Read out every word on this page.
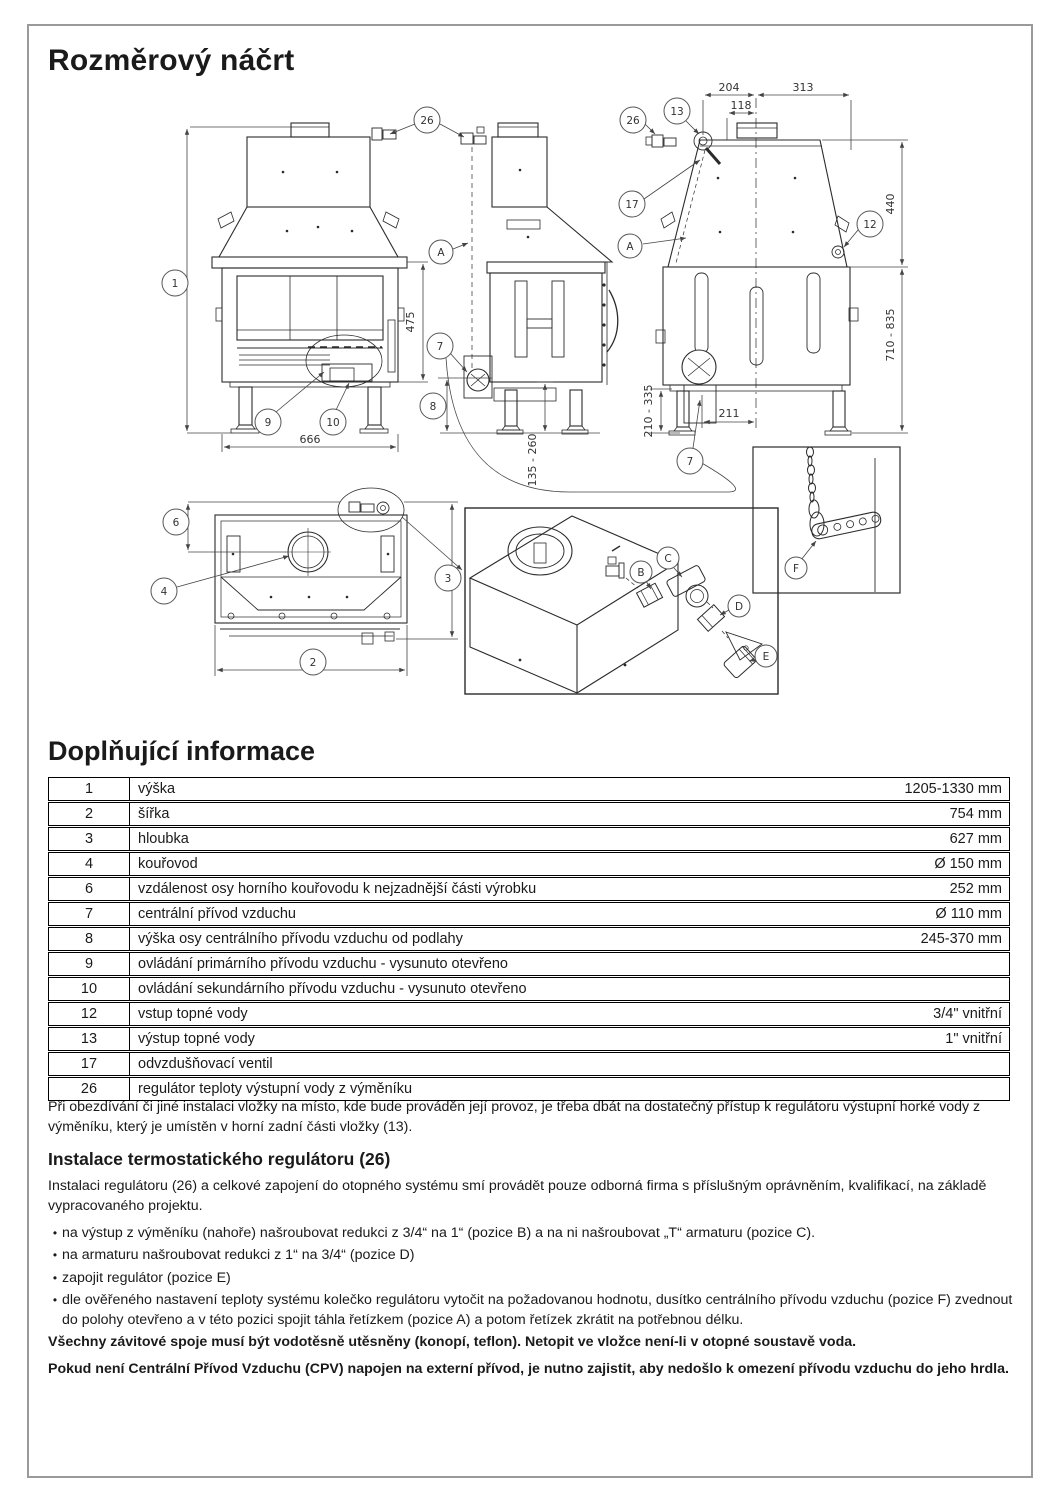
Rozměrový náčrt
475
666	135 - 260
204	313
118
440
710 - 835
210 - 335	211
1
26
9	10
A
7
8
26
13
17
A
12
7
6
4
3
2
B
C
D
E
F
Doplňující informace
1	výška	1205-1330 mm
2	šířka	754 mm
3	hloubka	627 mm
4	kouřovod	Ø 150 mm
6	vzdálenost osy horního kouřovodu k nejzadnější části výrobku	252 mm
7	centrální přívod vzduchu	Ø 110 mm
8	výška osy centrálního přívodu vzduchu od podlahy	245-370 mm
9	ovládání primárního přívodu vzduchu - vysunuto otevřeno
10	ovládání sekundárního přívodu vzduchu - vysunuto otevřeno
12	vstup topné vody	3/4" vnitřní
13	výstup topné vody	1" vnitřní
17	odvzdušňovací ventil
26	regulátor teploty výstupní vody z výměníku

Při obezdívání či jiné instalaci vložky na místo, kde bude prováděn její provoz, je třeba dbát na dostatečný přístup k regulátoru výstupní horké vody z výměníku, který je umístěn v horní zadní části vložky (13).

Instalace termostatického regulátoru (26)

Instalaci regulátoru (26) a celkové zapojení do otopného systému smí provádět pouze odborná firma s příslušným oprávněním, kvalifikací, na základě vypracovaného projektu.

• na výstup z výměníku (nahoře) našroubovat redukci z 3/4“ na 1“ (pozice B) a na ni našroubovat „T“ armaturu (pozice C).
• na armaturu našroubovat redukci z 1“ na 3/4“ (pozice D)
• zapojit regulátor (pozice E)
• dle ověřeného nastavení teploty systému kolečko regulátoru vytočit na požadovanou hodnotu, dusítko centrálního přívodu vzduchu (pozice F) zvednout do polohy otevřeno a v této pozici spojit táhla řetízkem (pozice A) a potom řetízek zkrátit na potřebnou délku.

Všechny závitové spoje musí být vodotěsně utěsněny (konopí, teflon). Netopit ve vložce není-li v otopné soustavě voda.

Pokud není Centrální Přívod Vzduchu (CPV) napojen na externí přívod, je nutno zajistit, aby nedošlo k omezení přívodu vzduchu do jeho hrdla.
